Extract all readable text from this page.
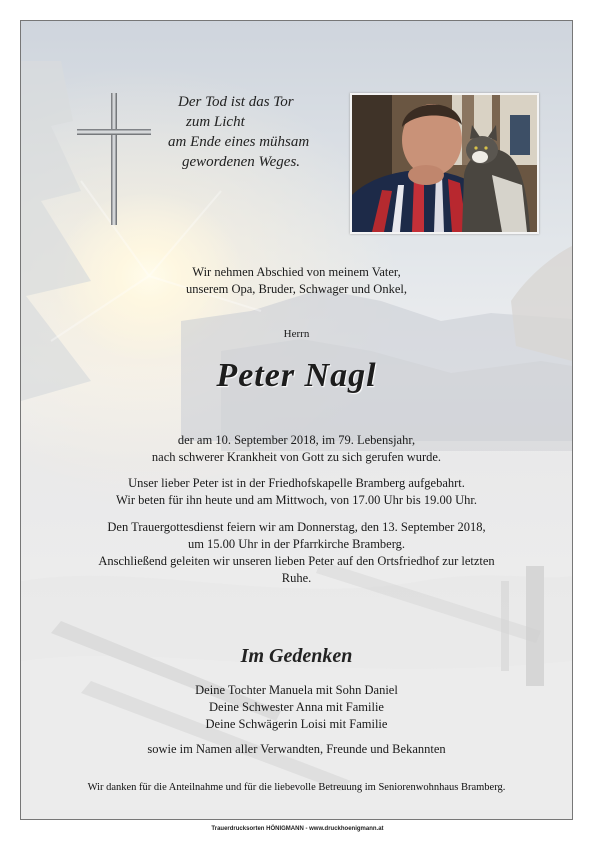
Der Tod ist das Tor
zum Licht
am Ende eines mühsam
gewordenen Weges.
Wir nehmen Abschied von meinem Vater,
unserem Opa, Bruder, Schwager und Onkel,
Herrn
Peter Nagl
der am 10. September 2018, im 79. Lebensjahr,
nach schwerer Krankheit von Gott zu sich gerufen wurde.
Unser lieber Peter ist in der Friedhofskapelle Bramberg aufgebahrt.
Wir beten für ihn heute und am Mittwoch, von 17.00 Uhr bis 19.00 Uhr.
Den Trauergottesdienst feiern wir am Donnerstag, den 13. September 2018,
um 15.00 Uhr in der Pfarrkirche Bramberg.
Anschließend geleiten wir unseren lieben Peter auf den Ortsfriedhof zur letzten
Ruhe.
Im Gedenken
Deine Tochter Manuela mit Sohn Daniel
Deine Schwester Anna mit Familie
Deine Schwägerin Loisi mit Familie
sowie im Namen aller Verwandten, Freunde und Bekannten
Wir danken für die Anteilnahme und für die liebevolle Betreuung im Seniorenwohnhaus Bramberg.
Trauerdrucksorten HÖNIGMANN - www.druckhoenigmann.at
